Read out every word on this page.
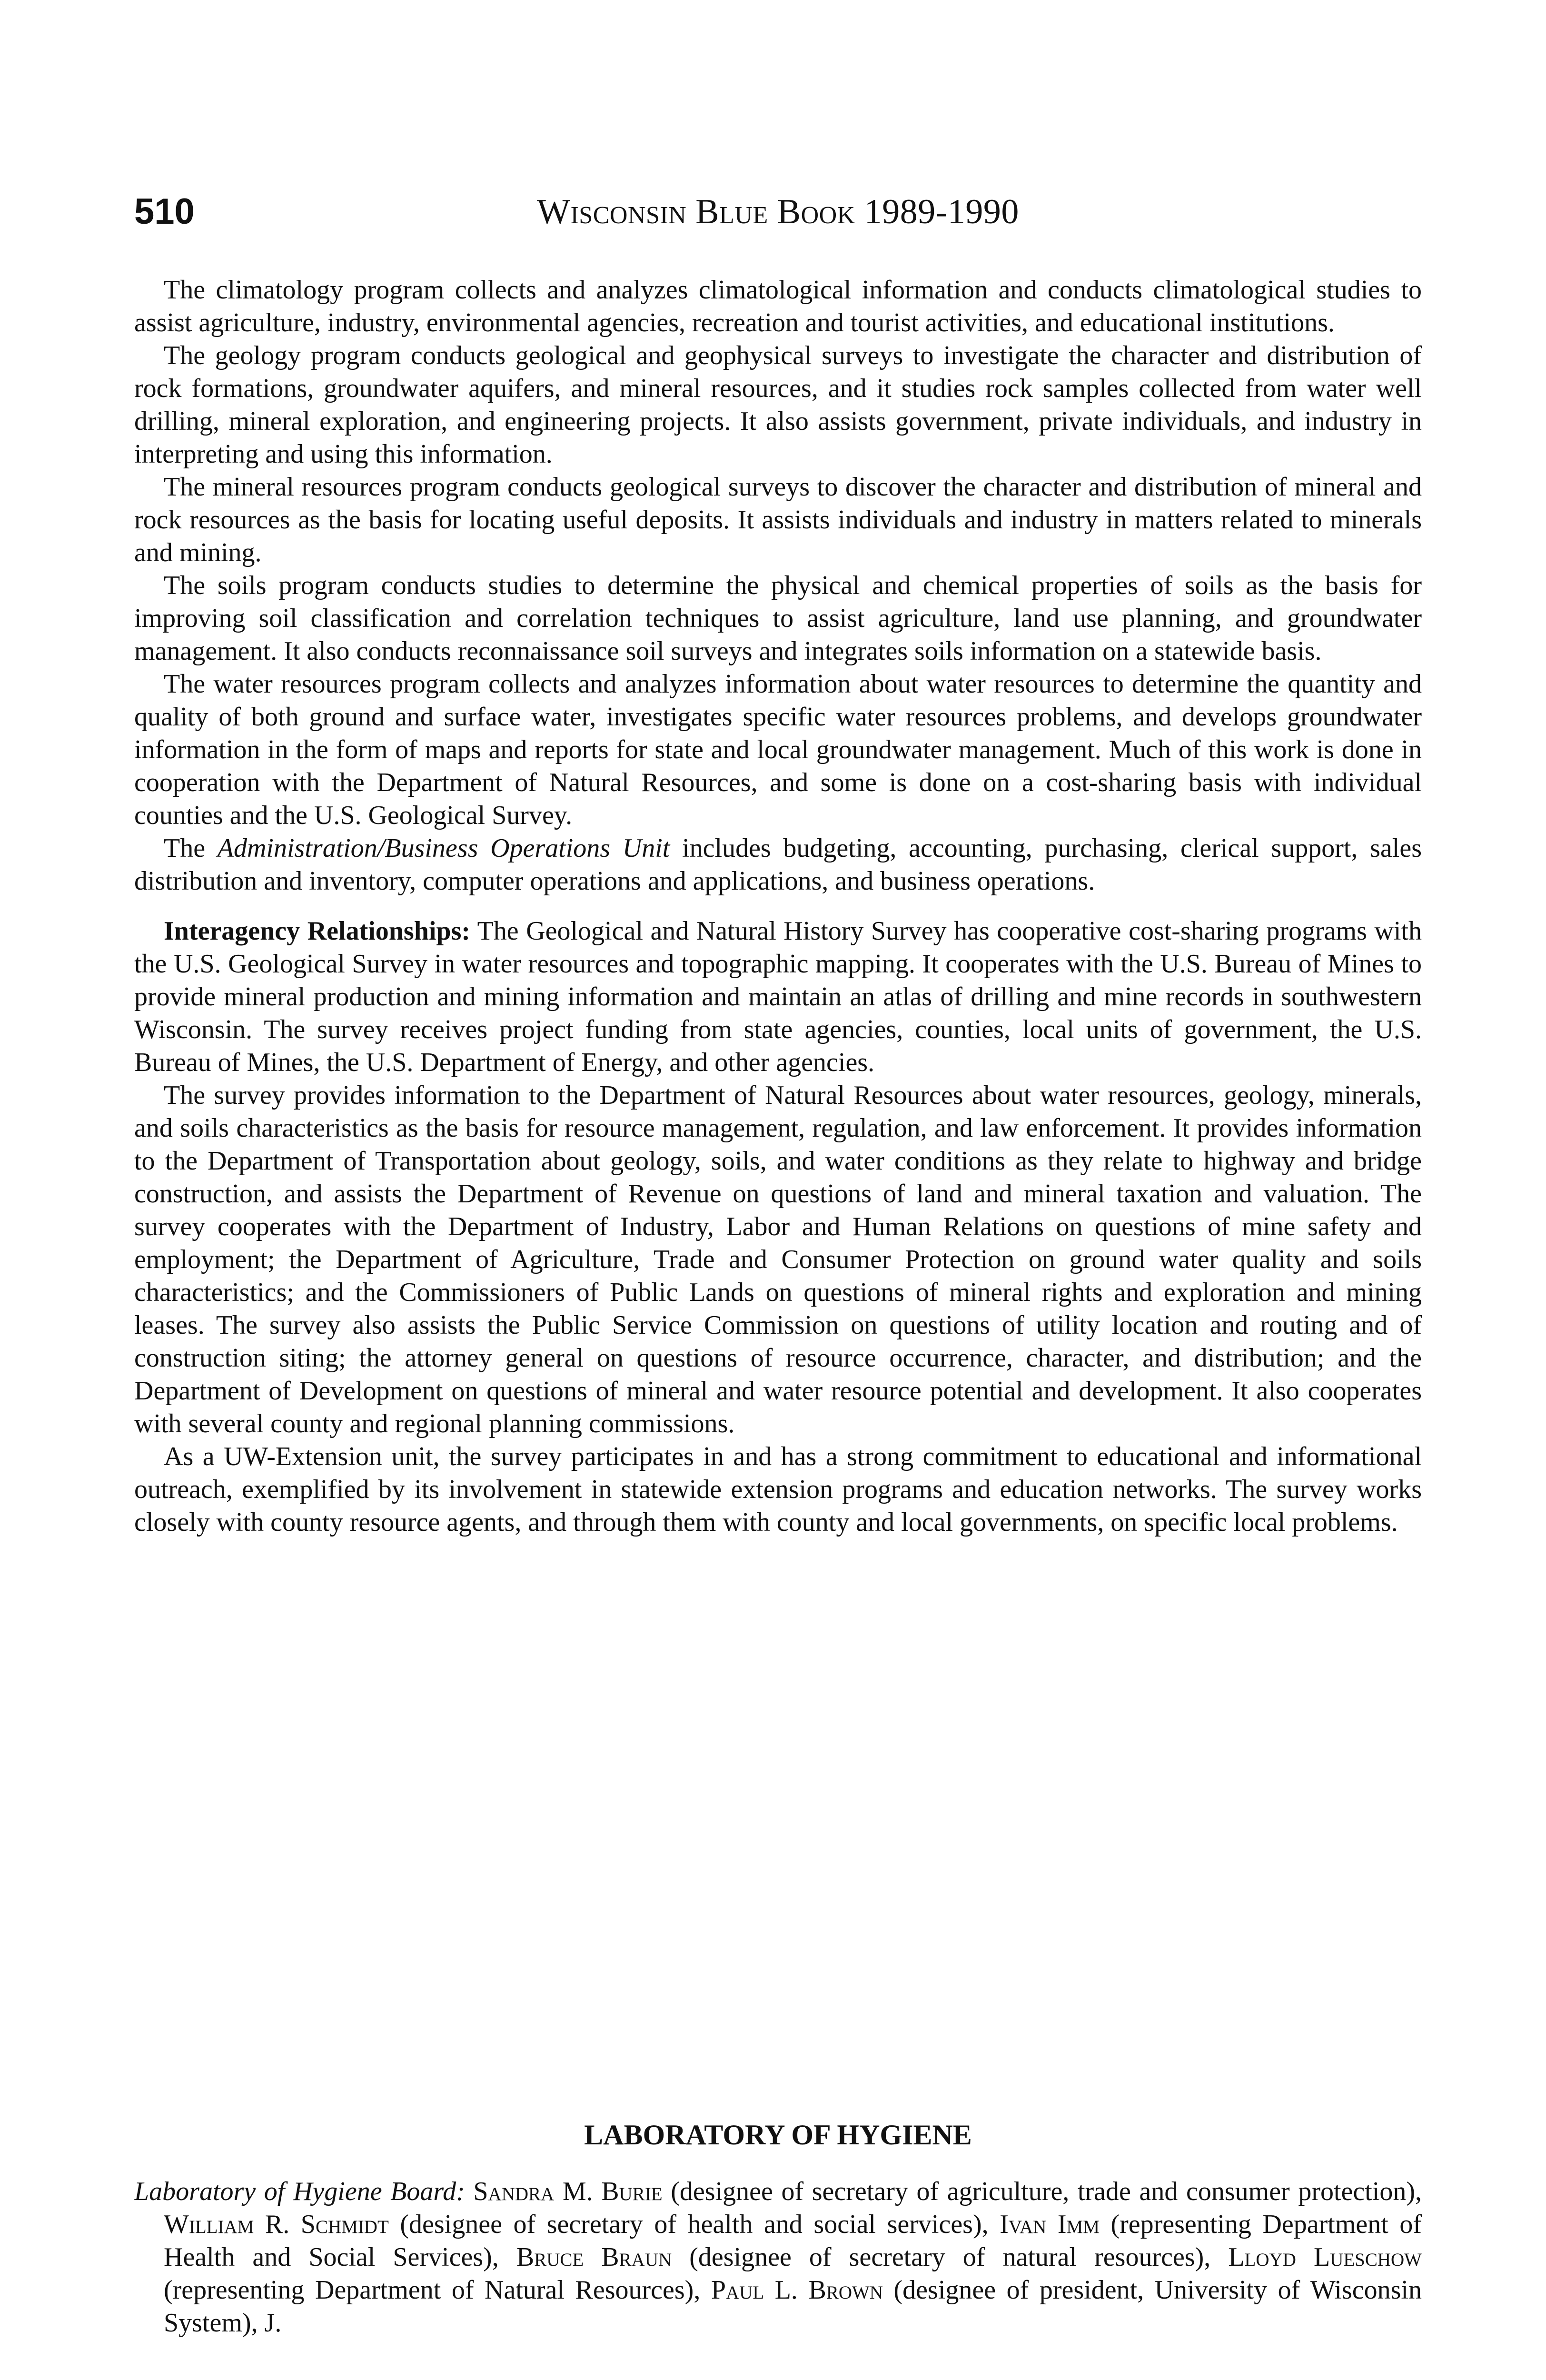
510	Wisconsin Blue Book 1989-1990

The climatology program collects and analyzes climatological information and conducts climatological studies to assist agriculture, industry, environmental agencies, recreation and tourist activities, and educational institutions.

The geology program conducts geological and geophysical surveys to investigate the character and distribution of rock formations, groundwater aquifers, and mineral resources, and it studies rock samples collected from water well drilling, mineral exploration, and engineering projects. It also assists government, private individuals, and industry in interpreting and using this information.

The mineral resources program conducts geological surveys to discover the character and distribution of mineral and rock resources as the basis for locating useful deposits. It assists individuals and industry in matters related to minerals and mining.

The soils program conducts studies to determine the physical and chemical properties of soils as the basis for improving soil classification and correlation techniques to assist agriculture, land use planning, and groundwater management. It also conducts reconnaissance soil surveys and integrates soils information on a statewide basis.

The water resources program collects and analyzes information about water resources to determine the quantity and quality of both ground and surface water, investigates specific water resources problems, and develops groundwater information in the form of maps and reports for state and local groundwater management. Much of this work is done in cooperation with the Department of Natural Resources, and some is done on a cost-sharing basis with individual counties and the U.S. Geological Survey.

The Administration/Business Operations Unit includes budgeting, accounting, purchasing, clerical support, sales distribution and inventory, computer operations and applications, and business operations.

Interagency Relationships: The Geological and Natural History Survey has cooperative cost-sharing programs with the U.S. Geological Survey in water resources and topographic mapping. It cooperates with the U.S. Bureau of Mines to provide mineral production and mining information and maintain an atlas of drilling and mine records in southwestern Wisconsin. The survey receives project funding from state agencies, counties, local units of government, the U.S. Bureau of Mines, the U.S. Department of Energy, and other agencies.

The survey provides information to the Department of Natural Resources about water resources, geology, minerals, and soils characteristics as the basis for resource management, regulation, and law enforcement. It provides information to the Department of Transportation about geology, soils, and water conditions as they relate to highway and bridge construction, and assists the Department of Revenue on questions of land and mineral taxation and valuation. The survey cooperates with the Department of Industry, Labor and Human Relations on questions of mine safety and employment; the Department of Agriculture, Trade and Consumer Protection on ground water quality and soils characteristics; and the Commissioners of Public Lands on questions of mineral rights and exploration and mining leases. The survey also assists the Public Service Commission on questions of utility location and routing and of construction siting; the attorney general on questions of resource occurrence, character, and distribution; and the Department of Development on questions of mineral and water resource potential and development. It also cooperates with several county and regional planning commissions.

As a UW-Extension unit, the survey participates in and has a strong commitment to educational and informational outreach, exemplified by its involvement in statewide extension programs and education networks. The survey works closely with county resource agents, and through them with county and local governments, on specific local problems.

LABORATORY OF HYGIENE

Laboratory of Hygiene Board: Sandra M. Burie (designee of secretary of agriculture, trade and consumer protection), William R. Schmidt (designee of secretary of health and social services), Ivan Imm (representing Department of Health and Social Services), Bruce Braun (designee of secretary of natural resources), Lloyd Lueschow (representing Department of Natural Resources), Paul L. Brown (designee of president, University of Wisconsin System), J.
